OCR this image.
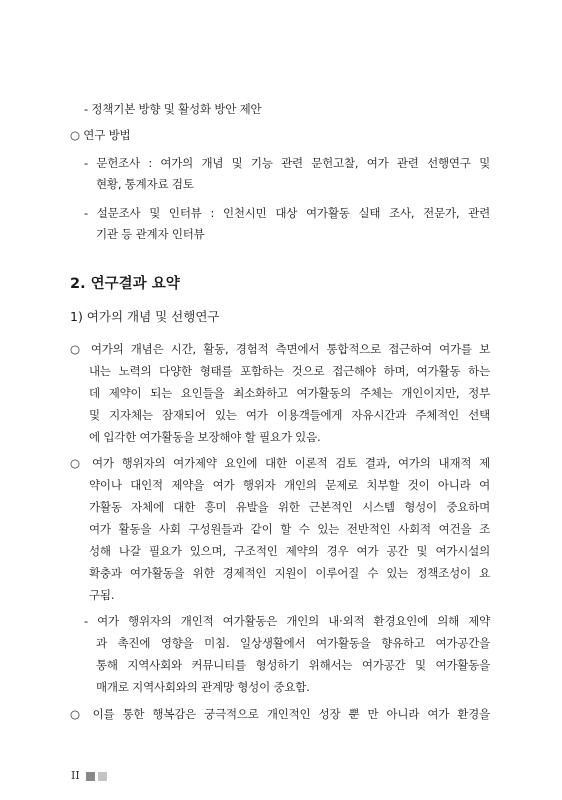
- 정책기본 방향 및 활성화 방안 제안
○ 연구 방법
- 문헌조사 : 여가의 개념 및 기능 관련 문헌고찰, 여가 관련 선행연구 및
현황, 통계자료 검토
- 설문조사 및 인터뷰 : 인천시민 대상 여가활동 실태 조사, 전문가, 관련
기관 등 관계자 인터뷰
2. 연구결과 요약
1) 여가의 개념 및 선행연구
○ 여가의 개념은 시간, 활동, 경험적 측면에서 통합적으로 접근하여 여가를 보
내는 노력의 다양한 형태를 포함하는 것으로 접근해야 하며, 여가활동 하는
데 제약이 되는 요인들을 최소화하고 여가활동의 주체는 개인이지만, 정부
및 지자체는 잠재되어 있는 여가 이용객들에게 자유시간과 주체적인 선택
에 입각한 여가활동을 보장해야 할 필요가 있음.
○ 여가 행위자의 여가제약 요인에 대한 이론적 검토 결과, 여가의 내재적 제
약이나 대인적 제약을 여가 행위자 개인의 문제로 치부할 것이 아니라 여
가활동 자체에 대한 흥미 유발을 위한 근본적인 시스템 형성이 중요하며
여가 활동을 사회 구성원들과 같이 할 수 있는 전반적인 사회적 여건을 조
성해 나갈 필요가 있으며, 구조적인 제약의 경우 여가 공간 및 여가시설의
확충과 여가활동을 위한 경제적인 지원이 이루어질 수 있는 정책조성이 요
구됨.
- 여가 행위자의 개인적 여가활동은 개인의 내·외적 환경요인에 의해 제약
과 촉진에 영향을 미침. 일상생활에서 여가활동을 향유하고 여가공간을
통해 지역사회와 커뮤니티를 형성하기 위해서는 여가공간 및 여가활동을
매개로 지역사회와의 관계망 형성이 중요함.
○ 이를 통한 행복감은 궁극적으로 개인적인 성장 뿐 만 아니라 여가 환경을
II
